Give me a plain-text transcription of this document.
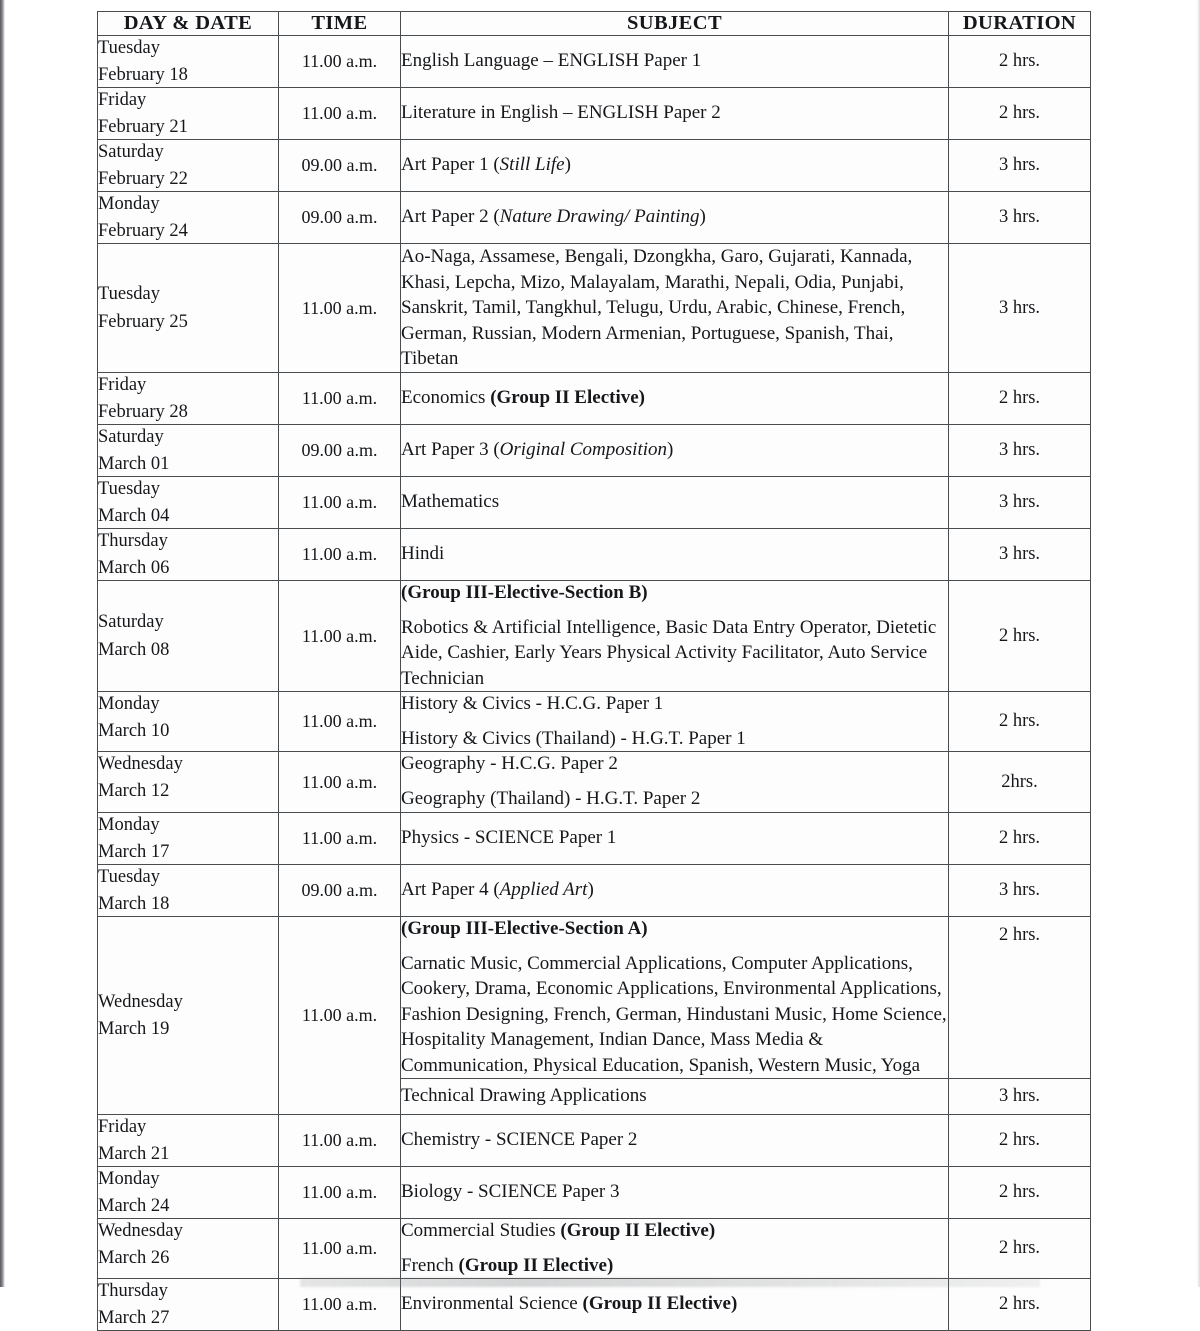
DAY & DATE	TIME	SUBJECT	DURATION

Tuesday
February 18	11.00 a.m.	English Language – ENGLISH Paper 1	2 hrs.

Friday
February 21	11.00 a.m.	Literature in English – ENGLISH Paper 2	2 hrs.

Saturday
February 22	09.00 a.m.	Art Paper 1 (Still Life)	3 hrs.

Monday
February 24	09.00 a.m.	Art Paper 2 (Nature Drawing/ Painting)	3 hrs.

Tuesday
February 25	11.00 a.m.	Ao-Naga, Assamese, Bengali, Dzongkha, Garo, Gujarati, Kannada, Khasi, Lepcha, Mizo, Malayalam, Marathi, Nepali, Odia, Punjabi, Sanskrit, Tamil, Tangkhul, Telugu, Urdu, Arabic, Chinese, French, German, Russian, Modern Armenian, Portuguese, Spanish, Thai, Tibetan	3 hrs.

Friday
February 28	11.00 a.m.	Economics (Group II Elective)	2 hrs.

Saturday
March 01	09.00 a.m.	Art Paper 3 (Original Composition)	3 hrs.

Tuesday
March 04	11.00 a.m.	Mathematics	3 hrs.

Thursday
March 06	11.00 a.m.	Hindi	3 hrs.

Saturday
March 08	11.00 a.m.	(Group III-Elective-Section B)
Robotics & Artificial Intelligence, Basic Data Entry Operator, Dietetic Aide, Cashier, Early Years Physical Activity Facilitator, Auto Service Technician	2 hrs.

Monday
March 10	11.00 a.m.	History & Civics - H.C.G. Paper 1
History & Civics (Thailand) - H.G.T. Paper 1	2 hrs.

Wednesday
March 12	11.00 a.m.	Geography - H.C.G. Paper 2
Geography (Thailand) - H.G.T. Paper 2	2hrs.

Monday
March 17	11.00 a.m.	Physics - SCIENCE Paper 1	2 hrs.

Tuesday
March 18	09.00 a.m.	Art Paper 4 (Applied Art)	3 hrs.

Wednesday
March 19	11.00 a.m.	(Group III-Elective-Section A)
Carnatic Music, Commercial Applications, Computer Applications, Cookery, Drama, Economic Applications, Environmental Applications, Fashion Designing, French, German, Hindustani Music, Home Science, Hospitality Management, Indian Dance, Mass Media & Communication, Physical Education, Spanish, Western Music, Yoga	2 hrs.

		Technical Drawing Applications	3 hrs.

Friday
March 21	11.00 a.m.	Chemistry - SCIENCE Paper 2	2 hrs.

Monday
March 24	11.00 a.m.	Biology - SCIENCE Paper 3	2 hrs.

Wednesday
March 26	11.00 a.m.	Commercial Studies (Group II Elective)
French (Group II Elective)	2 hrs.

Thursday
March 27	11.00 a.m.	Environmental Science (Group II Elective)	2 hrs.
